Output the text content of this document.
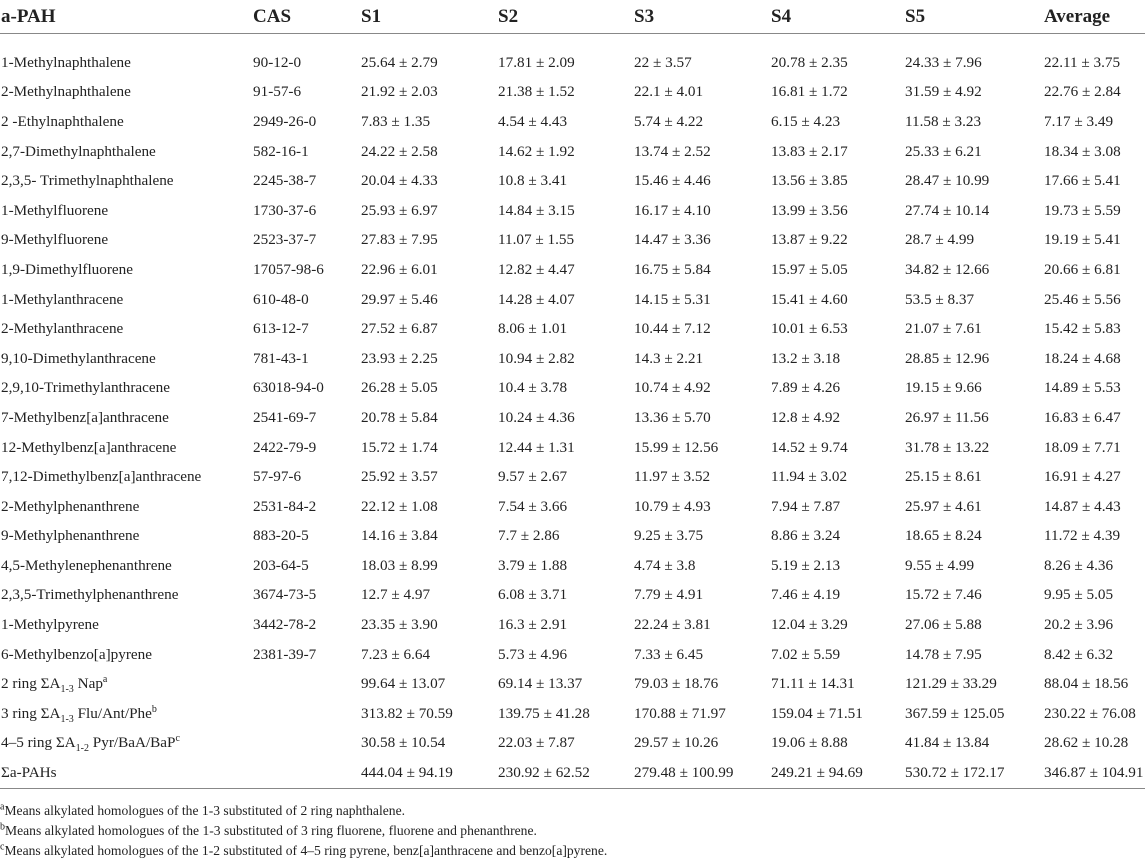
a-PAH	CAS	S1	S2	S3	S4	S5	Average
1-Methylnaphthalene	90-12-0	25.64 ± 2.79	17.81 ± 2.09	22 ± 3.57	20.78 ± 2.35	24.33 ± 7.96	22.11 ± 3.75
2-Methylnaphthalene	91-57-6	21.92 ± 2.03	21.38 ± 1.52	22.1 ± 4.01	16.81 ± 1.72	31.59 ± 4.92	22.76 ± 2.84
2 -Ethylnaphthalene	2949-26-0	7.83 ± 1.35	4.54 ± 4.43	5.74 ± 4.22	6.15 ± 4.23	11.58 ± 3.23	7.17 ± 3.49
2,7-Dimethylnaphthalene	582-16-1	24.22 ± 2.58	14.62 ± 1.92	13.74 ± 2.52	13.83 ± 2.17	25.33 ± 6.21	18.34 ± 3.08
2,3,5- Trimethylnaphthalene	2245-38-7	20.04 ± 4.33	10.8 ± 3.41	15.46 ± 4.46	13.56 ± 3.85	28.47 ± 10.99	17.66 ± 5.41
1-Methylfluorene	1730-37-6	25.93 ± 6.97	14.84 ± 3.15	16.17 ± 4.10	13.99 ± 3.56	27.74 ± 10.14	19.73 ± 5.59
9-Methylfluorene	2523-37-7	27.83 ± 7.95	11.07 ± 1.55	14.47 ± 3.36	13.87 ± 9.22	28.7 ± 4.99	19.19 ± 5.41
1,9-Dimethylfluorene	17057-98-6	22.96 ± 6.01	12.82 ± 4.47	16.75 ± 5.84	15.97 ± 5.05	34.82 ± 12.66	20.66 ± 6.81
1-Methylanthracene	610-48-0	29.97 ± 5.46	14.28 ± 4.07	14.15 ± 5.31	15.41 ± 4.60	53.5 ± 8.37	25.46 ± 5.56
2-Methylanthracene	613-12-7	27.52 ± 6.87	8.06 ± 1.01	10.44 ± 7.12	10.01 ± 6.53	21.07 ± 7.61	15.42 ± 5.83
9,10-Dimethylanthracene	781-43-1	23.93 ± 2.25	10.94 ± 2.82	14.3 ± 2.21	13.2 ± 3.18	28.85 ± 12.96	18.24 ± 4.68
2,9,10-Trimethylanthracene	63018-94-0	26.28 ± 5.05	10.4 ± 3.78	10.74 ± 4.92	7.89 ± 4.26	19.15 ± 9.66	14.89 ± 5.53
7-Methylbenz[a]anthracene	2541-69-7	20.78 ± 5.84	10.24 ± 4.36	13.36 ± 5.70	12.8 ± 4.92	26.97 ± 11.56	16.83 ± 6.47
12-Methylbenz[a]anthracene	2422-79-9	15.72 ± 1.74	12.44 ± 1.31	15.99 ± 12.56	14.52 ± 9.74	31.78 ± 13.22	18.09 ± 7.71
7,12-Dimethylbenz[a]anthracene	57-97-6	25.92 ± 3.57	9.57 ± 2.67	11.97 ± 3.52	11.94 ± 3.02	25.15 ± 8.61	16.91 ± 4.27
2-Methylphenanthrene	2531-84-2	22.12 ± 1.08	7.54 ± 3.66	10.79 ± 4.93	7.94 ± 7.87	25.97 ± 4.61	14.87 ± 4.43
9-Methylphenanthrene	883-20-5	14.16 ± 3.84	7.7 ± 2.86	9.25 ± 3.75	8.86 ± 3.24	18.65 ± 8.24	11.72 ± 4.39
4,5-Methylenephenanthrene	203-64-5	18.03 ± 8.99	3.79 ± 1.88	4.74 ± 3.8	5.19 ± 2.13	9.55 ± 4.99	8.26 ± 4.36
2,3,5-Trimethylphenanthrene	3674-73-5	12.7 ± 4.97	6.08 ± 3.71	7.79 ± 4.91	7.46 ± 4.19	15.72 ± 7.46	9.95 ± 5.05
1-Methylpyrene	3442-78-2	23.35 ± 3.90	16.3 ± 2.91	22.24 ± 3.81	12.04 ± 3.29	27.06 ± 5.88	20.2 ± 3.96
6-Methylbenzo[a]pyrene	2381-39-7	7.23 ± 6.64	5.73 ± 4.96	7.33 ± 6.45	7.02 ± 5.59	14.78 ± 7.95	8.42 ± 6.32
2 ring $\Sigma A_{1-3}$ Nap$^a$		99.64 ± 13.07	69.14 ± 13.37	79.03 ± 18.76	71.11 ± 14.31	121.29 ± 33.29	88.04 ± 18.56
3 ring $\Sigma A_{1-3}$ Flu/Ant/Phe$^b$		313.82 ± 70.59	139.75 ± 41.28	170.88 ± 71.97	159.04 ± 71.51	367.59 ± 125.05	230.22 ± 76.08
4–5 ring $\Sigma A_{1-2}$ Pyr/BaA/BaP$^c$		30.58 ± 10.54	22.03 ± 7.87	29.57 ± 10.26	19.06 ± 8.88	41.84 ± 13.84	28.62 ± 10.28
Σa-PAHs		444.04 ± 94.19	230.92 ± 62.52	279.48 ± 100.99	249.21 ± 94.69	530.72 ± 172.17	346.87 ± 104.91
$^a$Means alkylated homologues of the 1-3 substituted of 2 ring naphthalene.
$^b$Means alkylated homologues of the 1-3 substituted of 3 ring fluorene, fluorene and phenanthrene.
$^c$Means alkylated homologues of the 1-2 substituted of 4–5 ring pyrene, benz[a]anthracene and benzo[a]pyrene.
